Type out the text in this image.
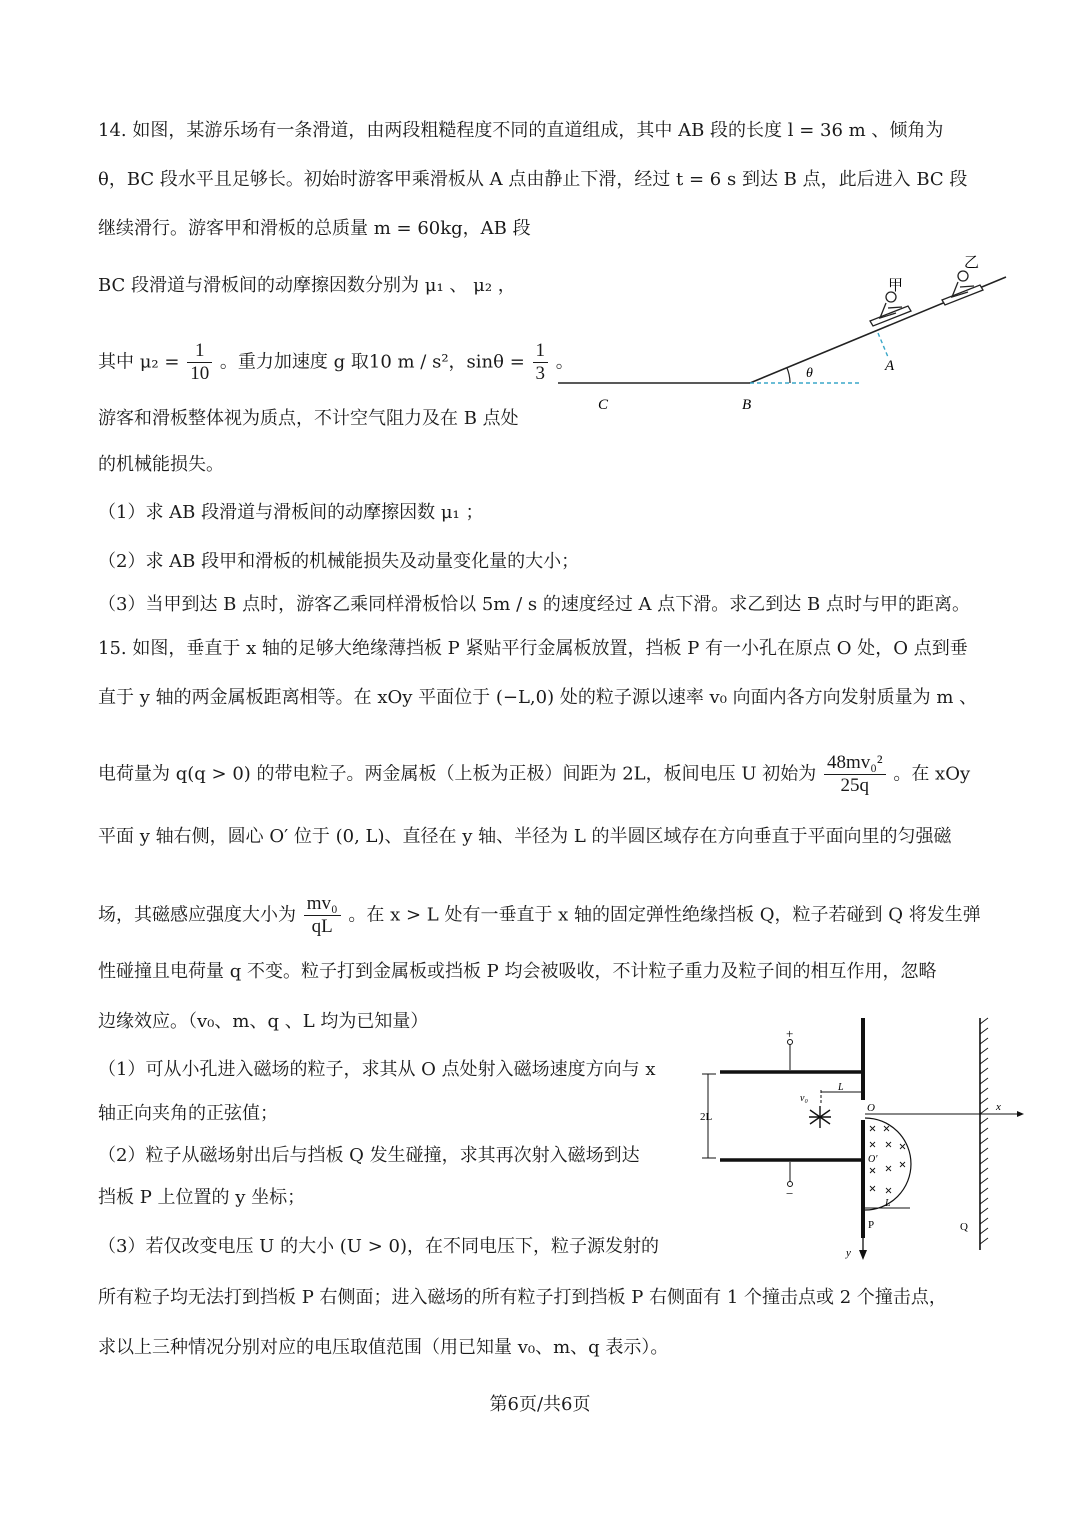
14. 如图，某游乐场有一条滑道，由两段粗糙程度不同的直道组成，其中 AB 段的长度 l = 36 m 、倾角为
θ，BC 段水平且足够长。初始时游客甲乘滑板从 A 点由静止下滑，经过 t = 6 s 到达 B 点，此后进入 BC 段
继续滑行。游客甲和滑板的总质量 m = 60kg，AB 段
BC 段滑道与滑板间的动摩擦因数分别为 μ₁ 、 μ₂ ，
其中 $\mu_2 = \frac{1}{10}$ 。重力加速度 g 取10 m / s²，$\sin\theta = \frac{1}{3}$ 。
游客和滑板整体视为质点，不计空气阻力及在 B 点处
的机械能损失。
（1）求 AB 段滑道与滑板间的动摩擦因数 μ₁ ；
（2）求 AB 段甲和滑板的机械能损失及动量变化量的大小；
（3）当甲到达 B 点时，游客乙乘同样滑板恰以 5m / s 的速度经过 A 点下滑。求乙到达 B 点时与甲的距离。
甲
乙
A
B
C
θ
15. 如图，垂直于 x 轴的足够大绝缘薄挡板 P 紧贴平行金属板放置，挡板 P 有一小孔在原点 O 处，O 点到垂
直于 y 轴的两金属板距离相等。在 xOy 平面位于 (−L,0) 处的粒子源以速率 v₀ 向面内各方向发射质量为 m 、
电荷量为 q(q > 0) 的带电粒子。两金属板（上板为正极）间距为 2L，板间电压 U 初始为 $\frac{\text{48mv₀²}}{25q}$ 。在 xOy
平面 y 轴右侧，圆心 O′ 位于 (0, L)、直径在 y 轴、半径为 L 的半圆区域存在方向垂直于平面向里的匀强磁
场，其磁感应强度大小为 $\frac{\text{mv₀}}{qL}$ 。在 x > L 处有一垂直于 x 轴的固定弹性绝缘挡板 Q，粒子若碰到 Q 将发生弹
性碰撞且电荷量 q 不变。粒子打到金属板或挡板 P 均会被吸收，不计粒子重力及粒子间的相互作用，忽略
边缘效应。（v₀、m、q 、L 均为已知量）
（1）可从小孔进入磁场的粒子，求其从 O 点处射入磁场速度方向与 x
轴正向夹角的正弦值；
（2）粒子从磁场射出后与挡板 Q 发生碰撞，求其再次射入磁场到达
挡板 P 上位置的 y 坐标；
（3）若仅改变电压 U 的大小 (U > 0)，在不同电压下，粒子源发射的
所有粒子均无法打到挡板 P 右侧面；进入磁场的所有粒子打到挡板 P 右侧面有 1 个撞击点或 2 个撞击点，
求以上三种情况分别对应的电压取值范围（用已知量 v₀、m、q 表示）。
+
−
2L
v₀
L
x
O
y
O′
L
P	Q
第6页/共6页
